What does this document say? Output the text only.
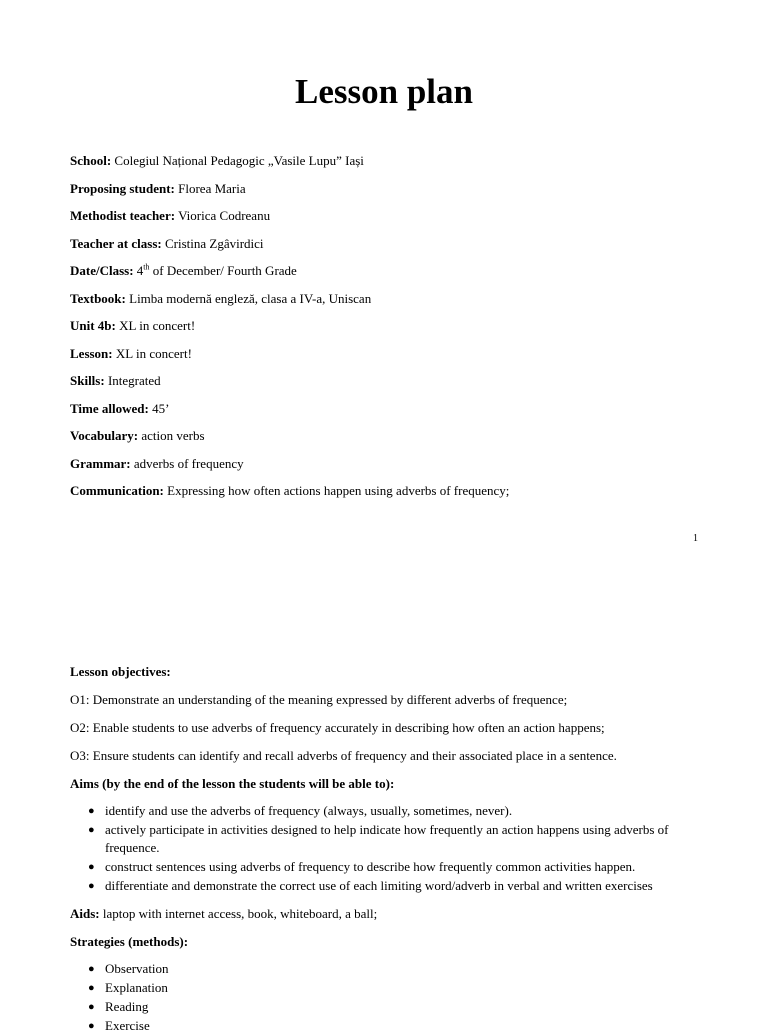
Lesson plan
School: Colegiul Național Pedagogic „Vasile Lupu” Iași
Proposing student: Florea Maria
Methodist teacher: Viorica Codreanu
Teacher at class: Cristina Zgâvirdici
Date/Class: 4th of December/ Fourth Grade
Textbook: Limba modernă engleză, clasa a IV-a, Uniscan
Unit 4b: XL in concert!
Lesson: XL in concert!
Skills: Integrated
Time allowed: 45’
Vocabulary: action verbs
Grammar: adverbs of frequency
Communication: Expressing how often actions happen using adverbs of frequency;
1

Lesson objectives:

O1: Demonstrate an understanding of the meaning expressed by different adverbs of frequence;

O2: Enable students to use adverbs of frequency accurately in describing how often an action happens;

O3: Ensure students can identify and recall adverbs of frequency and their associated place in a sentence.

Aims (by the end of the lesson the students will be able to):

● identify and use the adverbs of frequency (always, usually, sometimes, never).
● actively participate in activities designed to help indicate how frequently an action happens using adverbs of frequence.
● construct sentences using adverbs of frequency to describe how frequently common activities happen.
● differentiate and demonstrate the correct use of each limiting word/adverb in verbal and written exercises

Aids: laptop with internet access, book, whiteboard, a ball;

Strategies (methods):

● Observation
● Explanation
● Reading
● Exercise
